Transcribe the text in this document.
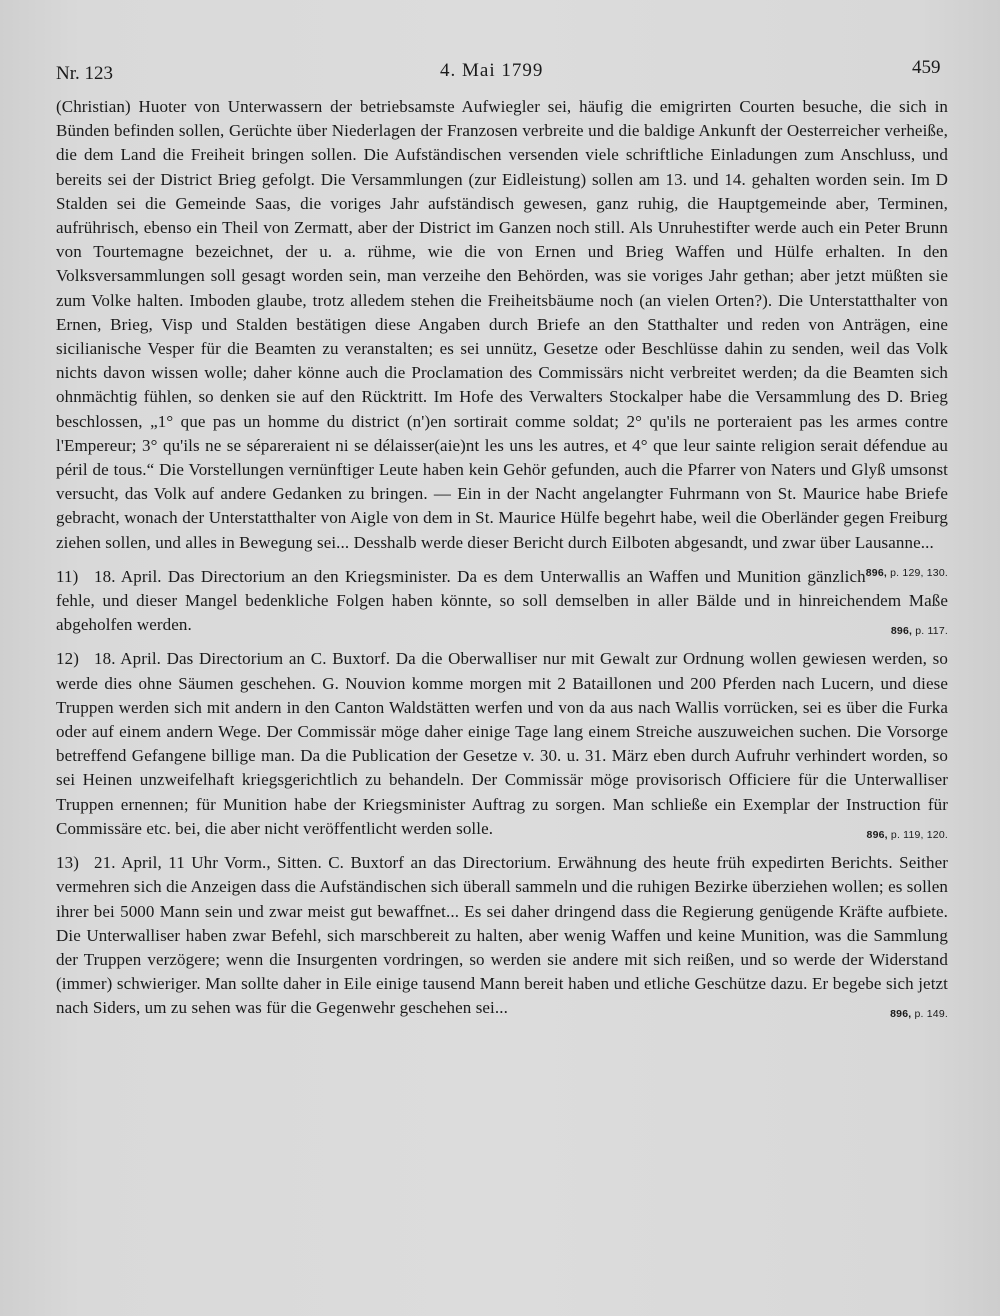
Nr. 123	4. Mai 1799	459

(Christian) Huoter von Unterwassern der betriebsamste Aufwiegler sei, häufig die emigrirten Courten besuche, die sich in Bünden befinden sollen, Gerüchte über Niederlagen der Franzosen verbreite und die baldige Ankunft der Oesterreicher verheiße, die dem Land die Freiheit bringen sollen. Die Aufständischen versenden viele schriftliche Einladungen zum Anschluss, und bereits sei der District Brieg gefolgt. Die Versammlungen (zur Eidleistung) sollen am 13. und 14. gehalten worden sein. Im D Stalden sei die Gemeinde Saas, die voriges Jahr aufständisch gewesen, ganz ruhig, die Hauptgemeinde aber, Terminen, aufrührisch, ebenso ein Theil von Zermatt, aber der District im Ganzen noch still. Als Unruhestifter werde auch ein Peter Brunn von Tourtemagne bezeichnet, der u. a. rühme, wie die von Ernen und Brieg Waffen und Hülfe erhalten. In den Volksversammlungen soll gesagt worden sein, man verzeihe den Behörden, was sie voriges Jahr gethan; aber jetzt müßten sie zum Volke halten. Imboden glaube, trotz alledem stehen die Freiheitsbäume noch (an vielen Orten?). Die Unterstatthalter von Ernen, Brieg, Visp und Stalden bestätigen diese Angaben durch Briefe an den Statthalter und reden von Anträgen, eine sicilianische Vesper für die Beamten zu veranstalten; es sei unnütz, Gesetze oder Beschlüsse dahin zu senden, weil das Volk nichts davon wissen wolle; daher könne auch die Proclamation des Commissärs nicht verbreitet werden; da die Beamten sich ohnmächtig fühlen, so denken sie auf den Rücktritt. Im Hofe des Verwalters Stockalper habe die Versammlung des D. Brieg beschlossen, „1° que pas un homme du district (n')en sortirait comme soldat; 2° qu'ils ne porteraient pas les armes contre l'Empereur; 3° qu'ils ne se sépareraient ni se délaisser(aie)nt les uns les autres, et 4° que leur sainte religion serait défendue au péril de tous.“ Die Vorstellungen vernünftiger Leute haben kein Gehör gefunden, auch die Pfarrer von Naters und Glyß umsonst versucht, das Volk auf andere Gedanken zu bringen. — Ein in der Nacht angelangter Fuhrmann von St. Maurice habe Briefe gebracht, wonach der Unterstatthalter von Aigle von dem in St. Maurice Hülfe begehrt habe, weil die Oberländer gegen Freiburg ziehen sollen, und alles in Bewegung sei... Desshalb werde dieser Bericht durch Eilboten abgesandt, und zwar über Lausanne...
896, p. 129, 130.

11) 18. April. Das Directorium an den Kriegsminister. Da es dem Unterwallis an Waffen und Munition gänzlich fehle, und dieser Mangel bedenkliche Folgen haben könnte, so soll demselben in aller Bälde und in hinreichendem Maße abgeholfen werden.	896, p. 117.

12) 18. April. Das Directorium an C. Buxtorf. Da die Oberwalliser nur mit Gewalt zur Ordnung wollen gewiesen werden, so werde dies ohne Säumen geschehen. G. Nouvion komme morgen mit 2 Bataillonen und 200 Pferden nach Lucern, und diese Truppen werden sich mit andern in den Canton Waldstätten werfen und von da aus nach Wallis vorrücken, sei es über die Furka oder auf einem andern Wege. Der Commissär möge daher einige Tage lang einem Streiche auszuweichen suchen. Die Vorsorge betreffend Gefangene billige man. Da die Publication der Gesetze v. 30. u. 31. März eben durch Aufruhr verhindert worden, so sei Heinen unzweifelhaft kriegsgerichtlich zu behandeln. Der Commissär möge provisorisch Officiere für die Unterwalliser Truppen ernennen; für Munition habe der Kriegsminister Auftrag zu sorgen. Man schließe ein Exemplar der Instruction für Commissäre etc. bei, die aber nicht veröffentlicht werden solle.	896, p. 119, 120.

13) 21. April, 11 Uhr Vorm., Sitten. C. Buxtorf an das Directorium. Erwähnung des heute früh expedirten Berichts. Seither vermehren sich die Anzeigen dass die Aufständischen sich überall sammeln und die ruhigen Bezirke überziehen wollen; es sollen ihrer bei 5000 Mann sein und zwar meist gut bewaffnet... Es sei daher dringend dass die Regierung genügende Kräfte aufbiete. Die Unterwalliser haben zwar Befehl, sich marschbereit zu halten, aber wenig Waffen und keine Munition, was die Sammlung der Truppen verzögere; wenn die Insurgenten vordringen, so werden sie andere mit sich reißen, und so werde der Widerstand (immer) schwieriger. Man sollte daher in Eile einige tausend Mann bereit haben und etliche Geschütze dazu. Er begebe sich jetzt nach Siders, um zu sehen was für die Gegenwehr geschehen sei...	896, p. 149.
